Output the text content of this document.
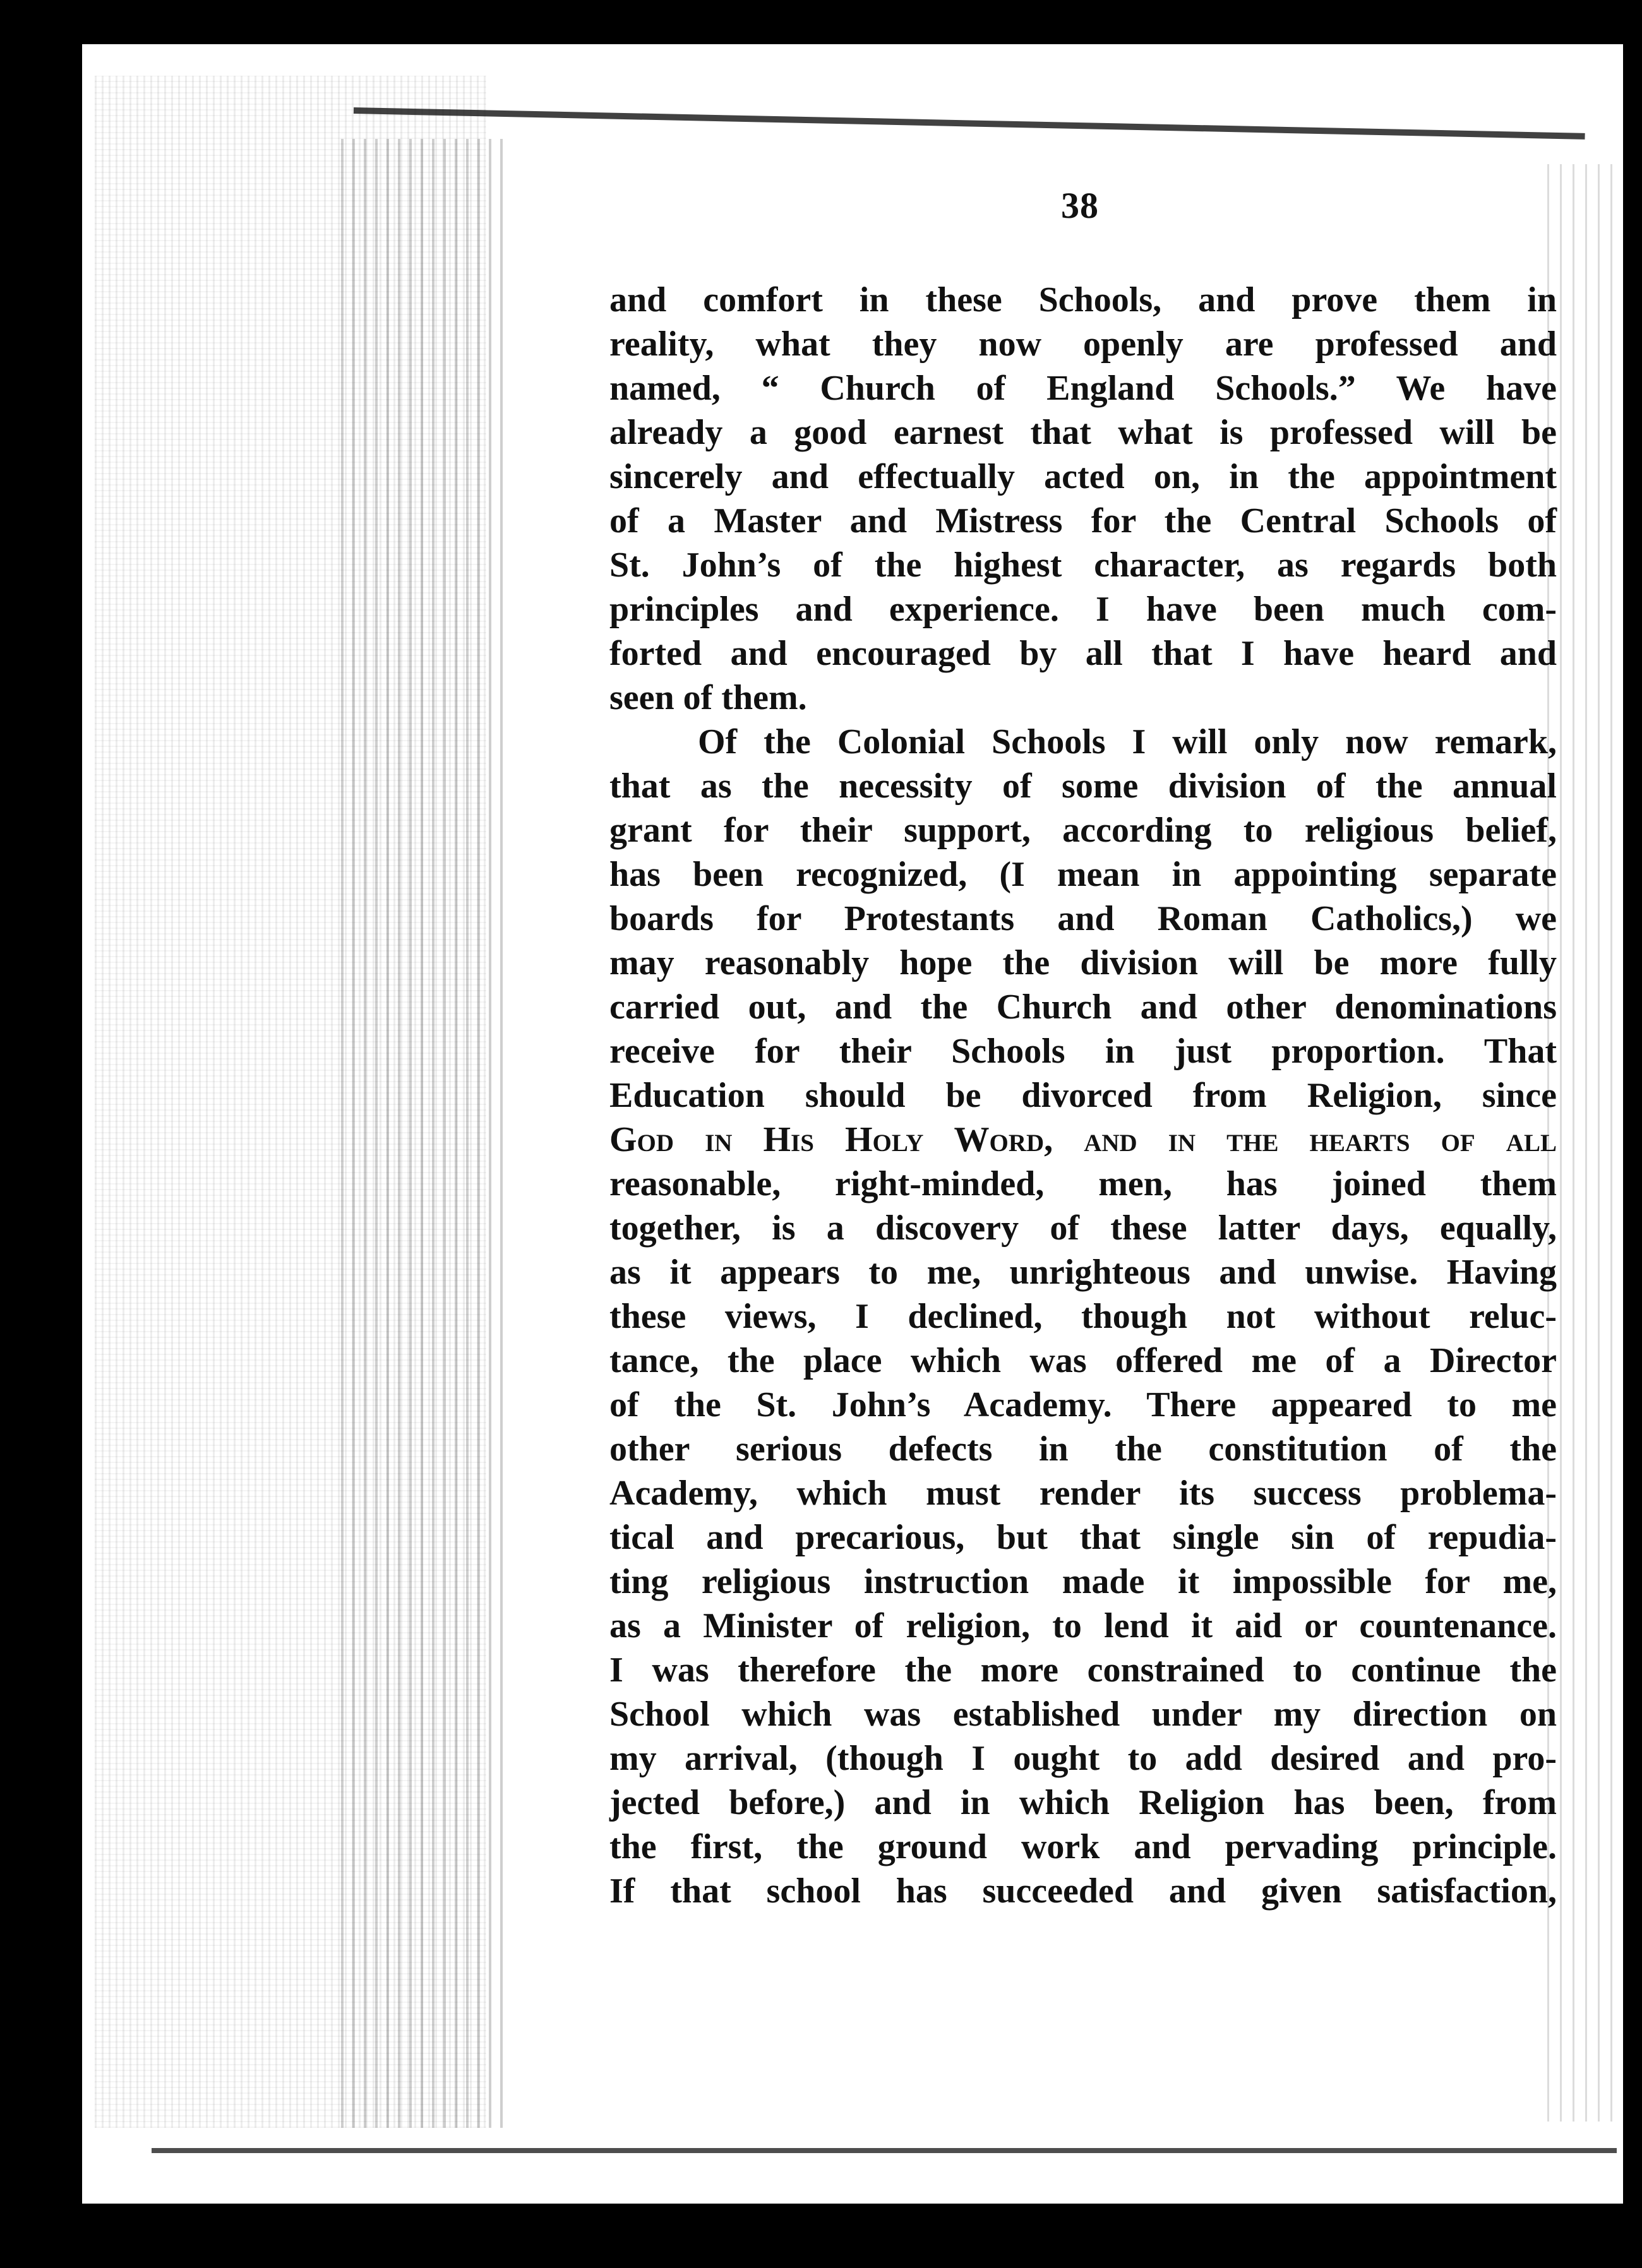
38
and comfort in these Schools, and prove them in
reality, what they now openly are professed and
named, “ Church of England Schools.” We have
already a good earnest that what is professed will be
sincerely and effectually acted on, in the appointment
of a Master and Mistress for the Central Schools of
St. John’s of the highest character, as regards both
principles and experience. I have been much com-
forted and encouraged by all that I have heard and
seen of them.
Of the Colonial Schools I will only now remark,
that as the necessity of some division of the annual
grant for their support, according to religious belief,
has been recognized, (I mean in appointing separate
boards for Protestants and Roman Catholics,) we
may reasonably hope the division will be more fully
carried out, and the Church and other denominations
receive for their Schools in just proportion. That
Education should be divorced from Religion, since
God in His Holy Word, and in the hearts of all
reasonable, right-minded, men, has joined them
together, is a discovery of these latter days, equally,
as it appears to me, unrighteous and unwise. Having
these views, I declined, though not without reluc-
tance, the place which was offered me of a Director
of the St. John’s Academy. There appeared to me
other serious defects in the constitution of the
Academy, which must render its success problema-
tical and precarious, but that single sin of repudia-
ting religious instruction made it impossible for me,
as a Minister of religion, to lend it aid or countenance.
I was therefore the more constrained to continue the
School which was established under my direction on
my arrival, (though I ought to add desired and pro-
jected before,) and in which Religion has been, from
the first, the ground work and pervading principle.
If that school has succeeded and given satisfaction,
